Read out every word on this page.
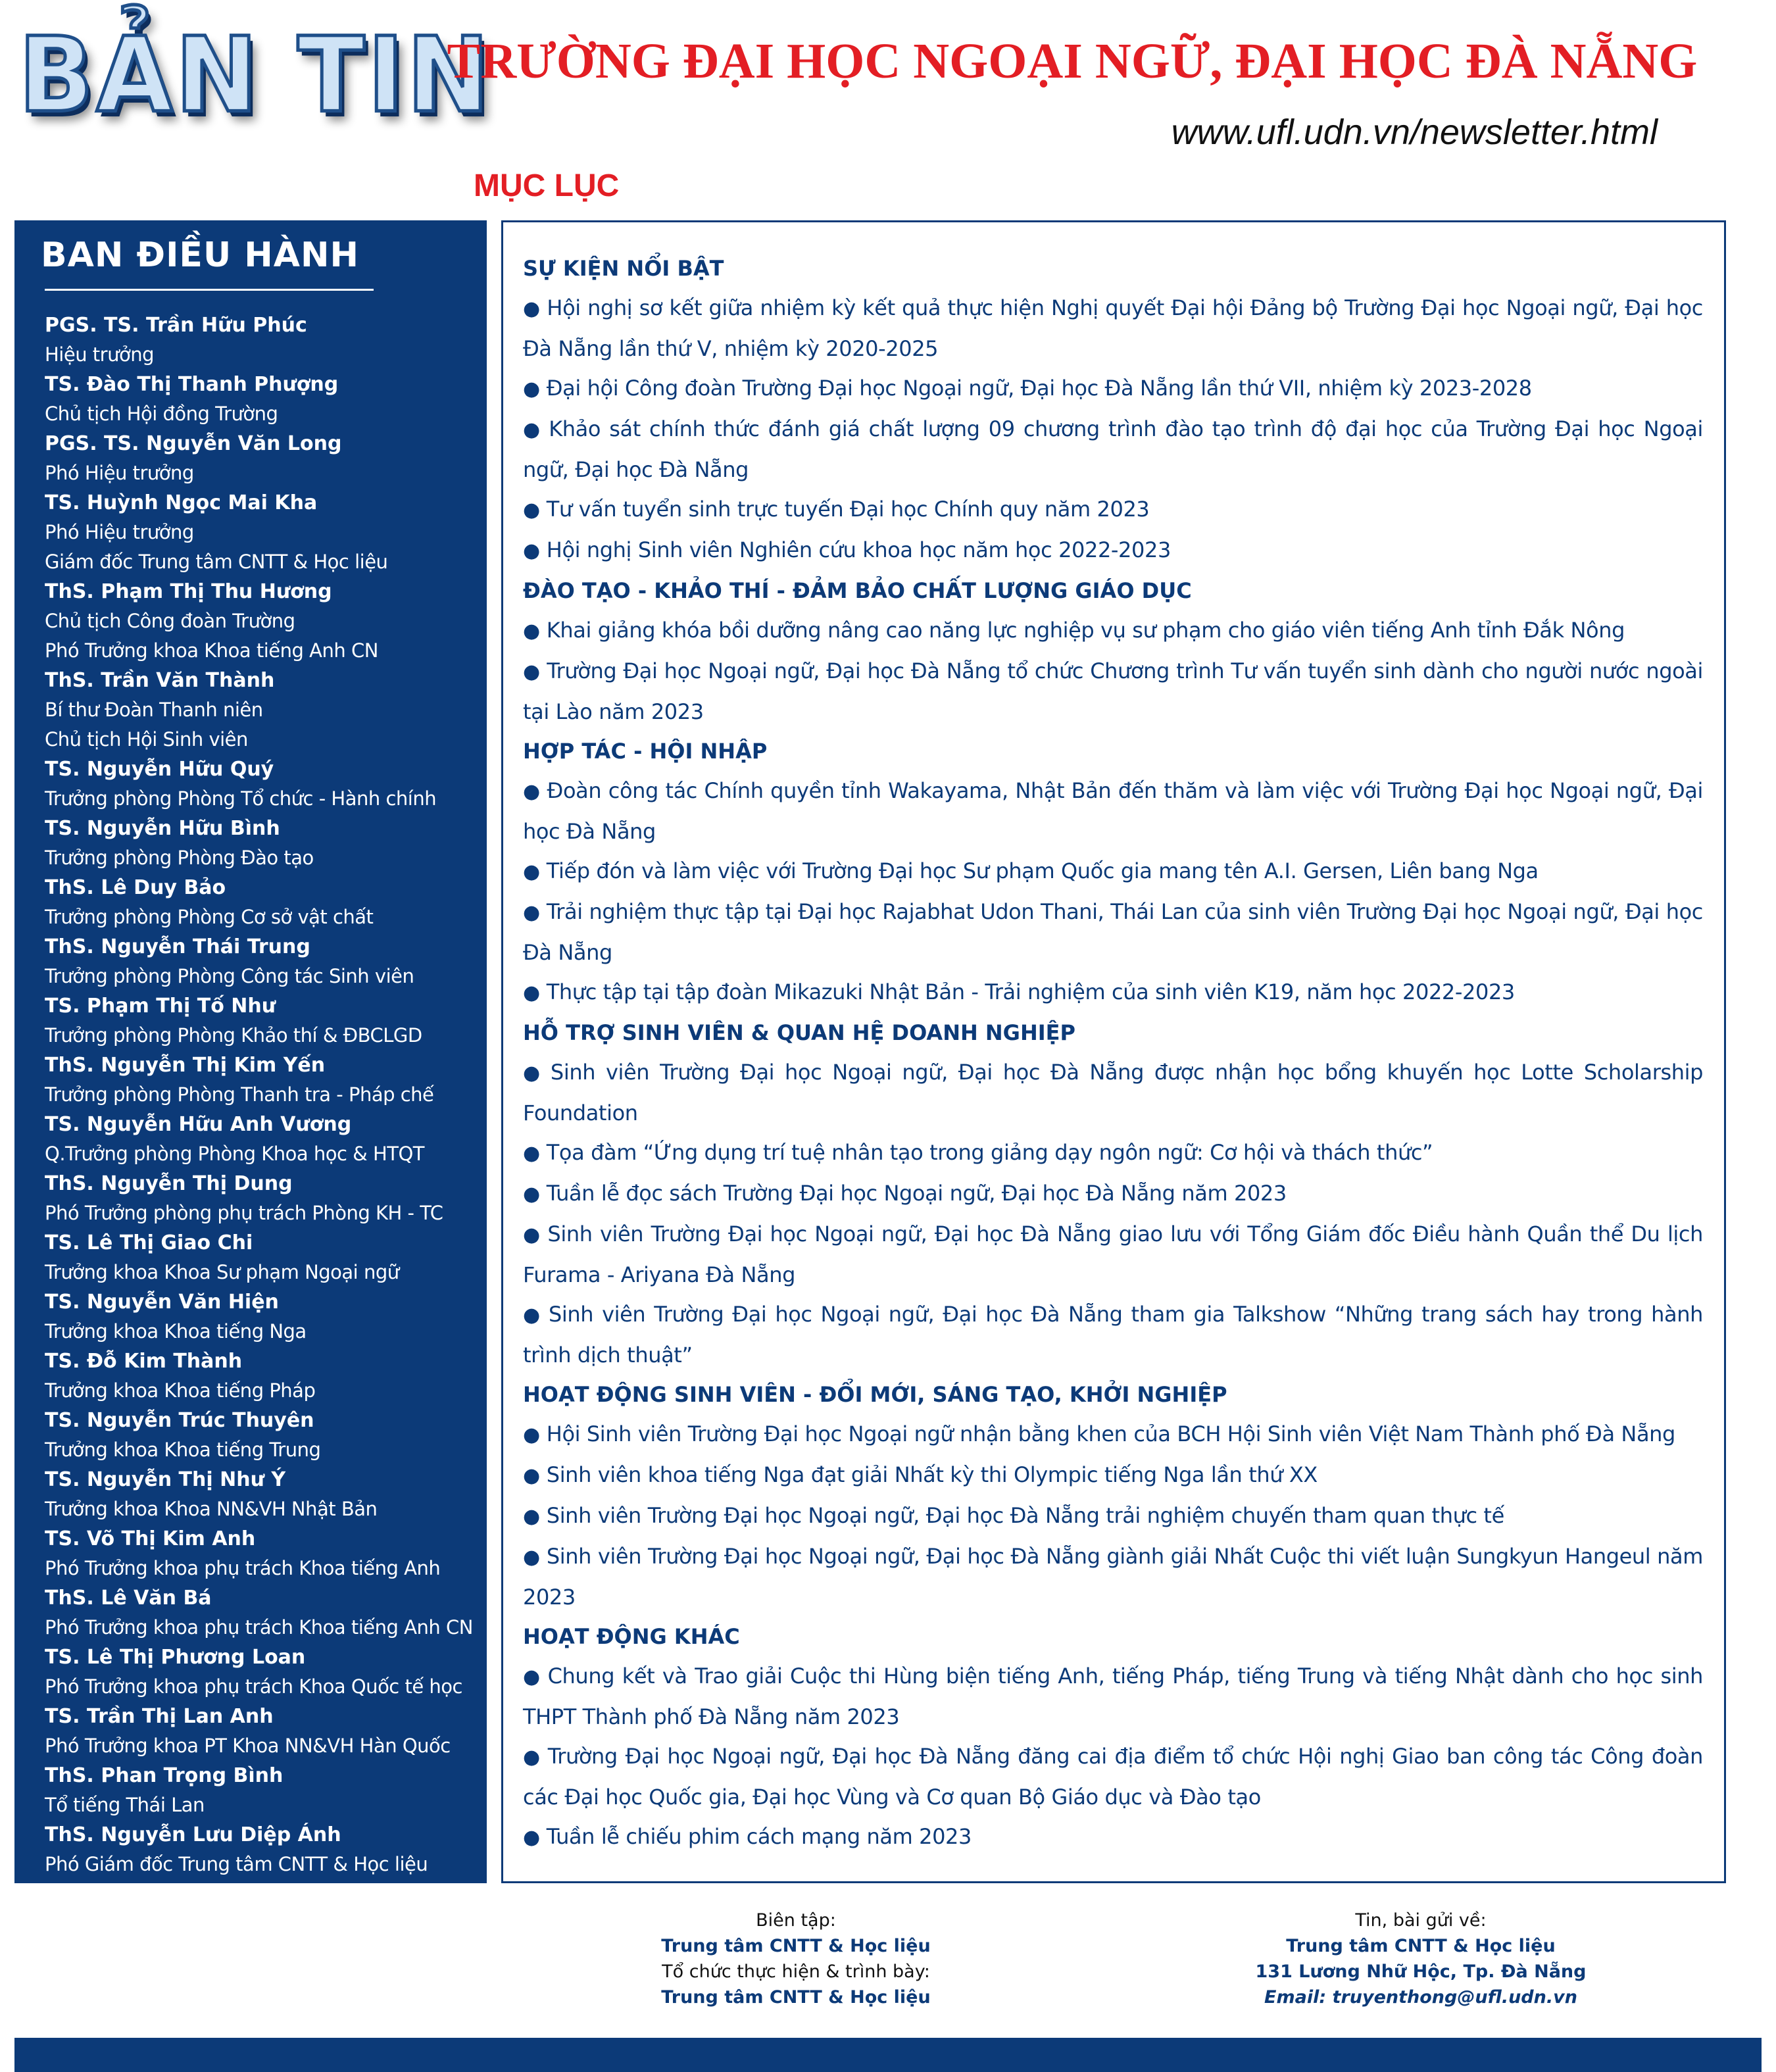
BẢN TIN
TRƯỜNG ĐẠI HỌC NGOẠI NGỮ, ĐẠI HỌC ĐÀ NẴNG
www.ufl.udn.vn/newsletter.html
MỤC LỤC
BAN ĐIỀU HÀNH
PGS. TS. Trần Hữu Phúc
Hiệu trưởng
TS. Đào Thị Thanh Phượng
Chủ tịch Hội đồng Trường
PGS. TS. Nguyễn Văn Long
Phó Hiệu trưởng
TS. Huỳnh Ngọc Mai Kha
Phó Hiệu trưởng
Giám đốc Trung tâm CNTT & Học liệu
ThS. Phạm Thị Thu Hương
Chủ tịch Công đoàn Trường
Phó Trưởng khoa Khoa tiếng Anh CN
ThS. Trần Văn Thành
Bí thư Đoàn Thanh niên
Chủ tịch Hội Sinh viên
TS. Nguyễn Hữu Quý
Trưởng phòng Phòng Tổ chức - Hành chính
TS. Nguyễn Hữu Bình
Trưởng phòng Phòng Đào tạo
ThS. Lê Duy Bảo
Trưởng phòng Phòng Cơ sở vật chất
ThS. Nguyễn Thái Trung
Trưởng phòng Phòng Công tác Sinh viên
TS. Phạm Thị Tố Như
Trưởng phòng Phòng Khảo thí & ĐBCLGD
ThS. Nguyễn Thị Kim Yến
Trưởng phòng Phòng Thanh tra - Pháp chế
TS. Nguyễn Hữu Anh Vương
Q.Trưởng phòng Phòng Khoa học & HTQT
ThS. Nguyễn Thị Dung
Phó Trưởng phòng phụ trách Phòng KH - TC
TS. Lê Thị Giao Chi
Trưởng khoa Khoa Sư phạm Ngoại ngữ
TS. Nguyễn Văn Hiện
Trưởng khoa Khoa tiếng Nga
TS. Đỗ Kim Thành
Trưởng khoa Khoa tiếng Pháp
TS. Nguyễn Trúc Thuyên
Trưởng khoa Khoa tiếng Trung
TS. Nguyễn Thị Như Ý
Trưởng khoa Khoa NN&VH Nhật Bản
TS. Võ Thị Kim Anh
Phó Trưởng khoa phụ trách Khoa tiếng Anh
ThS. Lê Văn Bá
Phó Trưởng khoa phụ trách Khoa tiếng Anh CN
TS. Lê Thị Phương Loan
Phó Trưởng khoa phụ trách Khoa Quốc tế học
TS. Trần Thị Lan Anh
Phó Trưởng khoa PT Khoa NN&VH Hàn Quốc
ThS. Phan Trọng Bình
Tổ tiếng Thái Lan
ThS. Nguyễn Lưu Diệp Ánh
Phó Giám đốc Trung tâm CNTT & Học liệu
SỰ KIỆN NỔI BẬT
● Hội nghị sơ kết giữa nhiệm kỳ kết quả thực hiện Nghị quyết Đại hội Đảng bộ Trường Đại học Ngoại ngữ, Đại học Đà Nẵng lần thứ V, nhiệm kỳ 2020-2025
● Đại hội Công đoàn Trường Đại học Ngoại ngữ, Đại học Đà Nẵng lần thứ VII, nhiệm kỳ 2023-2028
● Khảo sát chính thức đánh giá chất lượng 09 chương trình đào tạo trình độ đại học của Trường Đại học Ngoại ngữ, Đại học Đà Nẵng
● Tư vấn tuyển sinh trực tuyến Đại học Chính quy năm 2023
● Hội nghị Sinh viên Nghiên cứu khoa học năm học 2022-2023
ĐÀO TẠO - KHẢO THÍ - ĐẢM BẢO CHẤT LƯỢNG GIÁO DỤC
● Khai giảng khóa bồi dưỡng nâng cao năng lực nghiệp vụ sư phạm cho giáo viên tiếng Anh tỉnh Đắk Nông
● Trường Đại học Ngoại ngữ, Đại học Đà Nẵng tổ chức Chương trình Tư vấn tuyển sinh dành cho người nước ngoài tại Lào năm 2023
HỢP TÁC - HỘI NHẬP
● Đoàn công tác Chính quyền tỉnh Wakayama, Nhật Bản đến thăm và làm việc với Trường Đại học Ngoại ngữ, Đại học Đà Nẵng
● Tiếp đón và làm việc với Trường Đại học Sư phạm Quốc gia mang tên A.I. Gersen, Liên bang Nga
● Trải nghiệm thực tập tại Đại học Rajabhat Udon Thani, Thái Lan của sinh viên Trường Đại học Ngoại ngữ, Đại học Đà Nẵng
● Thực tập tại tập đoàn Mikazuki Nhật Bản - Trải nghiệm của sinh viên K19, năm học 2022-2023
HỖ TRỢ SINH VIÊN & QUAN HỆ DOANH NGHIỆP
● Sinh viên Trường Đại học Ngoại ngữ, Đại học Đà Nẵng được nhận học bổng khuyến học Lotte Scholarship Foundation
● Tọa đàm “Ứng dụng trí tuệ nhân tạo trong giảng dạy ngôn ngữ: Cơ hội và thách thức”
● Tuần lễ đọc sách Trường Đại học Ngoại ngữ, Đại học Đà Nẵng năm 2023
● Sinh viên Trường Đại học Ngoại ngữ, Đại học Đà Nẵng giao lưu với Tổng Giám đốc Điều hành Quần thể Du lịch Furama - Ariyana Đà Nẵng
● Sinh viên Trường Đại học Ngoại ngữ, Đại học Đà Nẵng tham gia Talkshow “Những trang sách hay trong hành trình dịch thuật”
HOẠT ĐỘNG SINH VIÊN - ĐỔI MỚI, SÁNG TẠO, KHỞI NGHIỆP
● Hội Sinh viên Trường Đại học Ngoại ngữ nhận bằng khen của BCH Hội Sinh viên Việt Nam Thành phố Đà Nẵng
● Sinh viên khoa tiếng Nga đạt giải Nhất kỳ thi Olympic tiếng Nga lần thứ XX
● Sinh viên Trường Đại học Ngoại ngữ, Đại học Đà Nẵng trải nghiệm chuyến tham quan thực tế
● Sinh viên Trường Đại học Ngoại ngữ, Đại học Đà Nẵng giành giải Nhất Cuộc thi viết luận Sungkyun Hangeul năm 2023
HOẠT ĐỘNG KHÁC
● Chung kết và Trao giải Cuộc thi Hùng biện tiếng Anh, tiếng Pháp, tiếng Trung và tiếng Nhật dành cho học sinh THPT Thành phố Đà Nẵng năm 2023
● Trường Đại học Ngoại ngữ, Đại học Đà Nẵng đăng cai địa điểm tổ chức Hội nghị Giao ban công tác Công đoàn các Đại học Quốc gia, Đại học Vùng và Cơ quan Bộ Giáo dục và Đào tạo
● Tuần lễ chiếu phim cách mạng năm 2023
Biên tập:
Trung tâm CNTT & Học liệu
Tổ chức thực hiện & trình bày:
Trung tâm CNTT & Học liệu
Tin, bài gửi về:
Trung tâm CNTT & Học liệu
131 Lương Nhữ Hộc, Tp. Đà Nẵng
Email: truyenthong@ufl.udn.vn
